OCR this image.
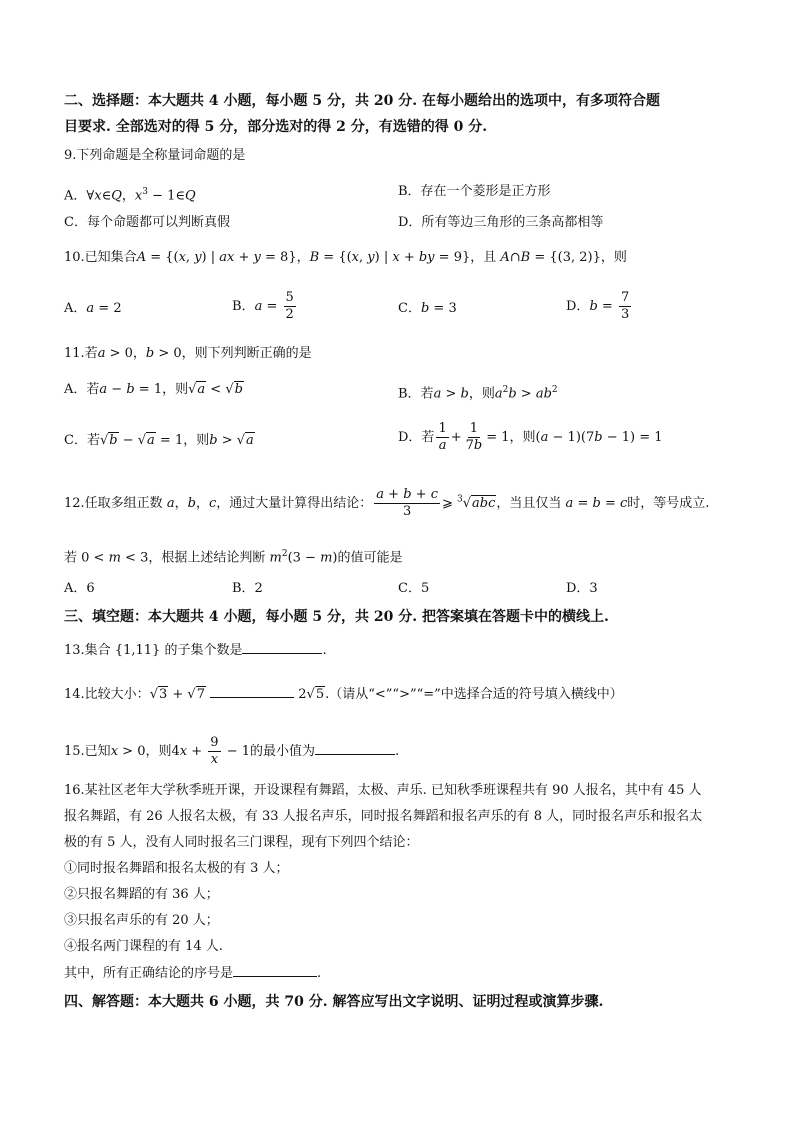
二、选择题：本大题共 4 小题，每小题 5 分，共 20 分. 在每小题给出的选项中，有多项符合题
目要求. 全部选对的得 5 分，部分选对的得 2 分，有选错的得 0 分.
9.下列命题是全称量词命题的是
A．∀x∈Q，$x^3$ − 1∈Q	B．存在一个菱形是正方形
C．每个命题都可以判断真假	D．所有等边三角形的三条高都相等
10.已知集合A = {(x, y) | ax + y = 8}，B = {(x, y) | x + by = 9}，且 A∩B = {(3, 2)}，则
A．a = 2	B．$a = \frac{5}{2}$	C．b = 3	D．$b = \frac{7}{3}$
11.若a > 0，b > 0，则下列判断正确的是
A．若a − b = 1，则√a < √b	B．若a > b，则$a^2b > ab^2$
C．若√b − √a = 1，则b > √a	D．若 $\frac{1}{a} + \frac{1}{7b} = 1$，则(a − 1)(7b − 1) = 1
12.任取多组正数 a，b，c，通过大量计算得出结论： $\frac{a + b + c}{3}$ ⩾ $^3$√abc，当且仅当 a = b = c时，等号成立.
若 0 < m < 3，根据上述结论判断 $m^2(3 - m)$的值可能是
A．6	B．2	C．5	D．3
三、填空题：本大题共 4 小题，每小题 5 分，共 20 分. 把答案填在答题卡中的横线上.
13.集合 {1,11} 的子集个数是	.
14.比较大小：√3 + √7	2√5.（请从“<”“>”“=”中选择合适的符号填入横线中）
15.已知x > 0，则$4x + \frac{9}{x} - 1$的最小值为	.
16.某社区老年大学秋季班开课，开设课程有舞蹈，太极、声乐. 已知秋季班课程共有 90 人报名，其中有 45 人
报名舞蹈，有 26 人报名太极，有 33 人报名声乐，同时报名舞蹈和报名声乐的有 8 人，同时报名声乐和报名太
极的有 5 人，没有人同时报名三门课程，现有下列四个结论：
①同时报名舞蹈和报名太极的有 3 人；
②只报名舞蹈的有 36 人；
③只报名声乐的有 20 人；
④报名两门课程的有 14 人.
其中，所有正确结论的序号是	.
四、解答题：本大题共 6 小题，共 70 分. 解答应写出文字说明、证明过程或演算步骤.
